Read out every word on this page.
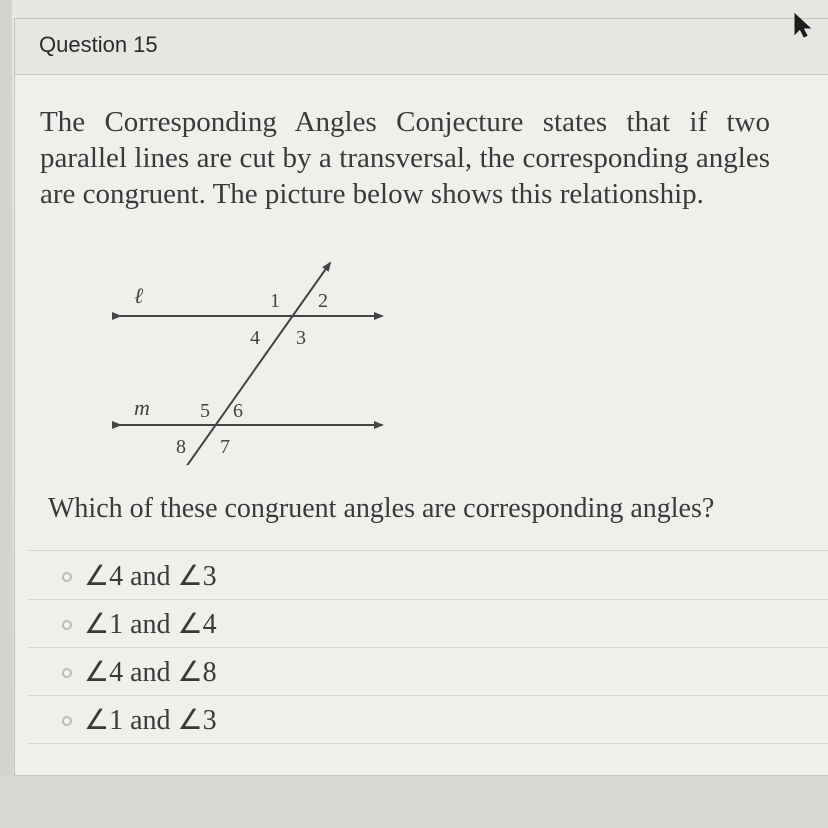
Question 15

The Corresponding Angles Conjecture states that if two parallel lines are cut by a transversal, the corresponding angles are congruent. The picture below shows this relationship.

ℓ
m
1 2
3
4
5 6
7
8
Which of these congruent angles are corresponding angles?
∠4 and ∠3
∠1 and ∠4
∠4 and ∠8
∠1 and ∠3
